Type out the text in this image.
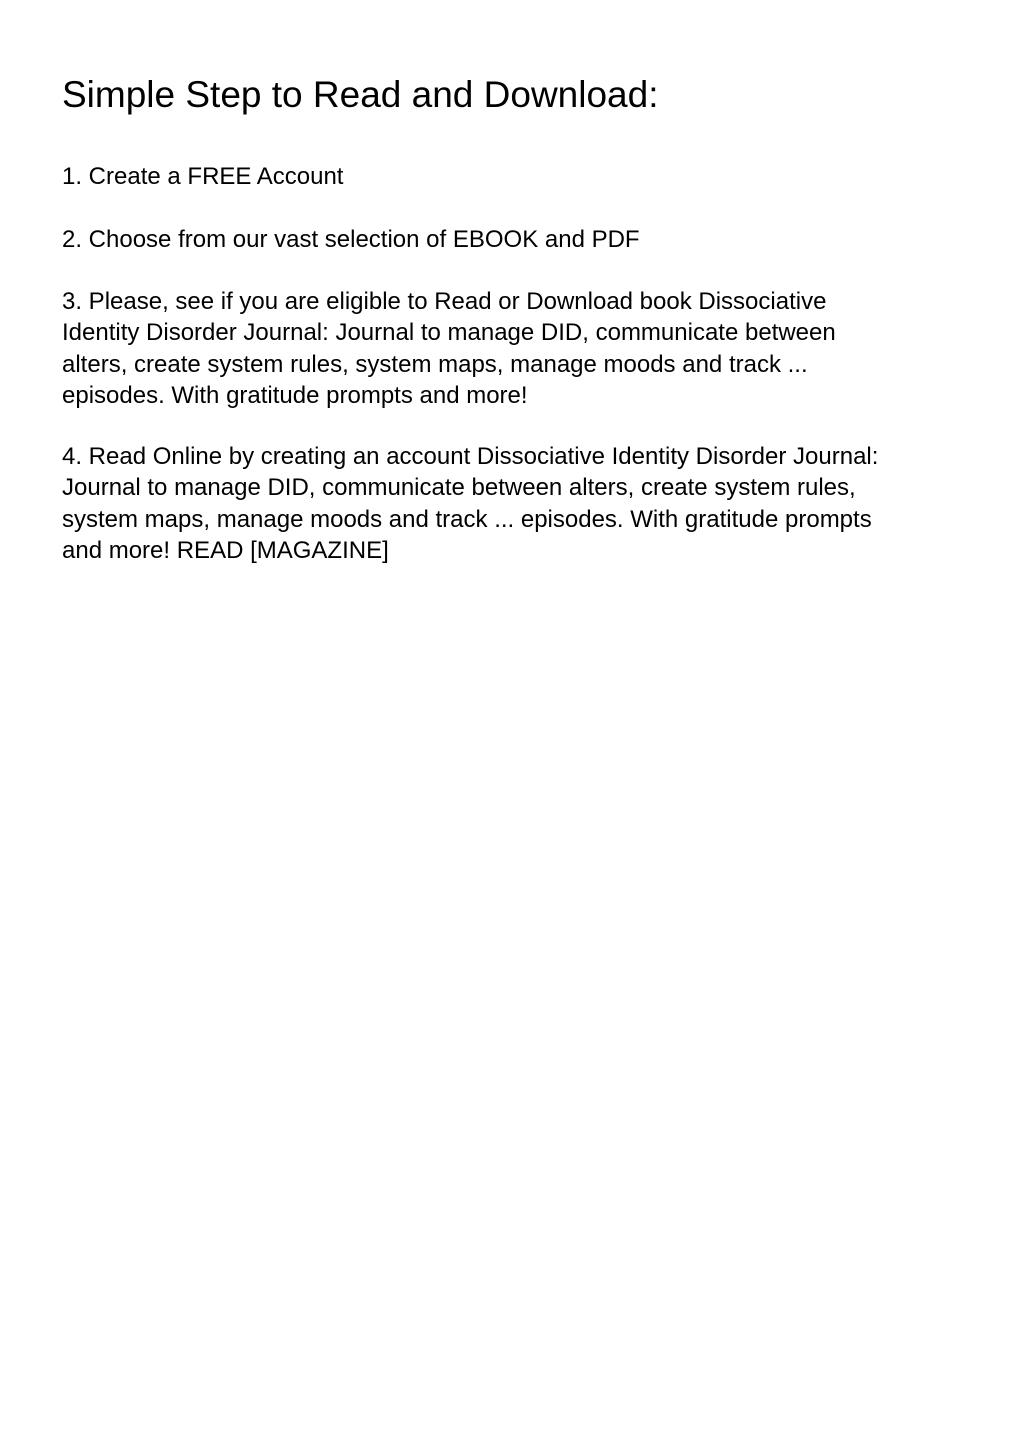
Simple Step to Read and Download:

1. Create a FREE Account

2. Choose from our vast selection of EBOOK and PDF

3. Please, see if you are eligible to Read or Download book Dissociative
Identity Disorder Journal: Journal to manage DID, communicate between
alters, create system rules, system maps, manage moods and track ...
episodes. With gratitude prompts and more!

4. Read Online by creating an account Dissociative Identity Disorder Journal:
Journal to manage DID, communicate between alters, create system rules,
system maps, manage moods and track ... episodes. With gratitude prompts
and more! READ [MAGAZINE]
